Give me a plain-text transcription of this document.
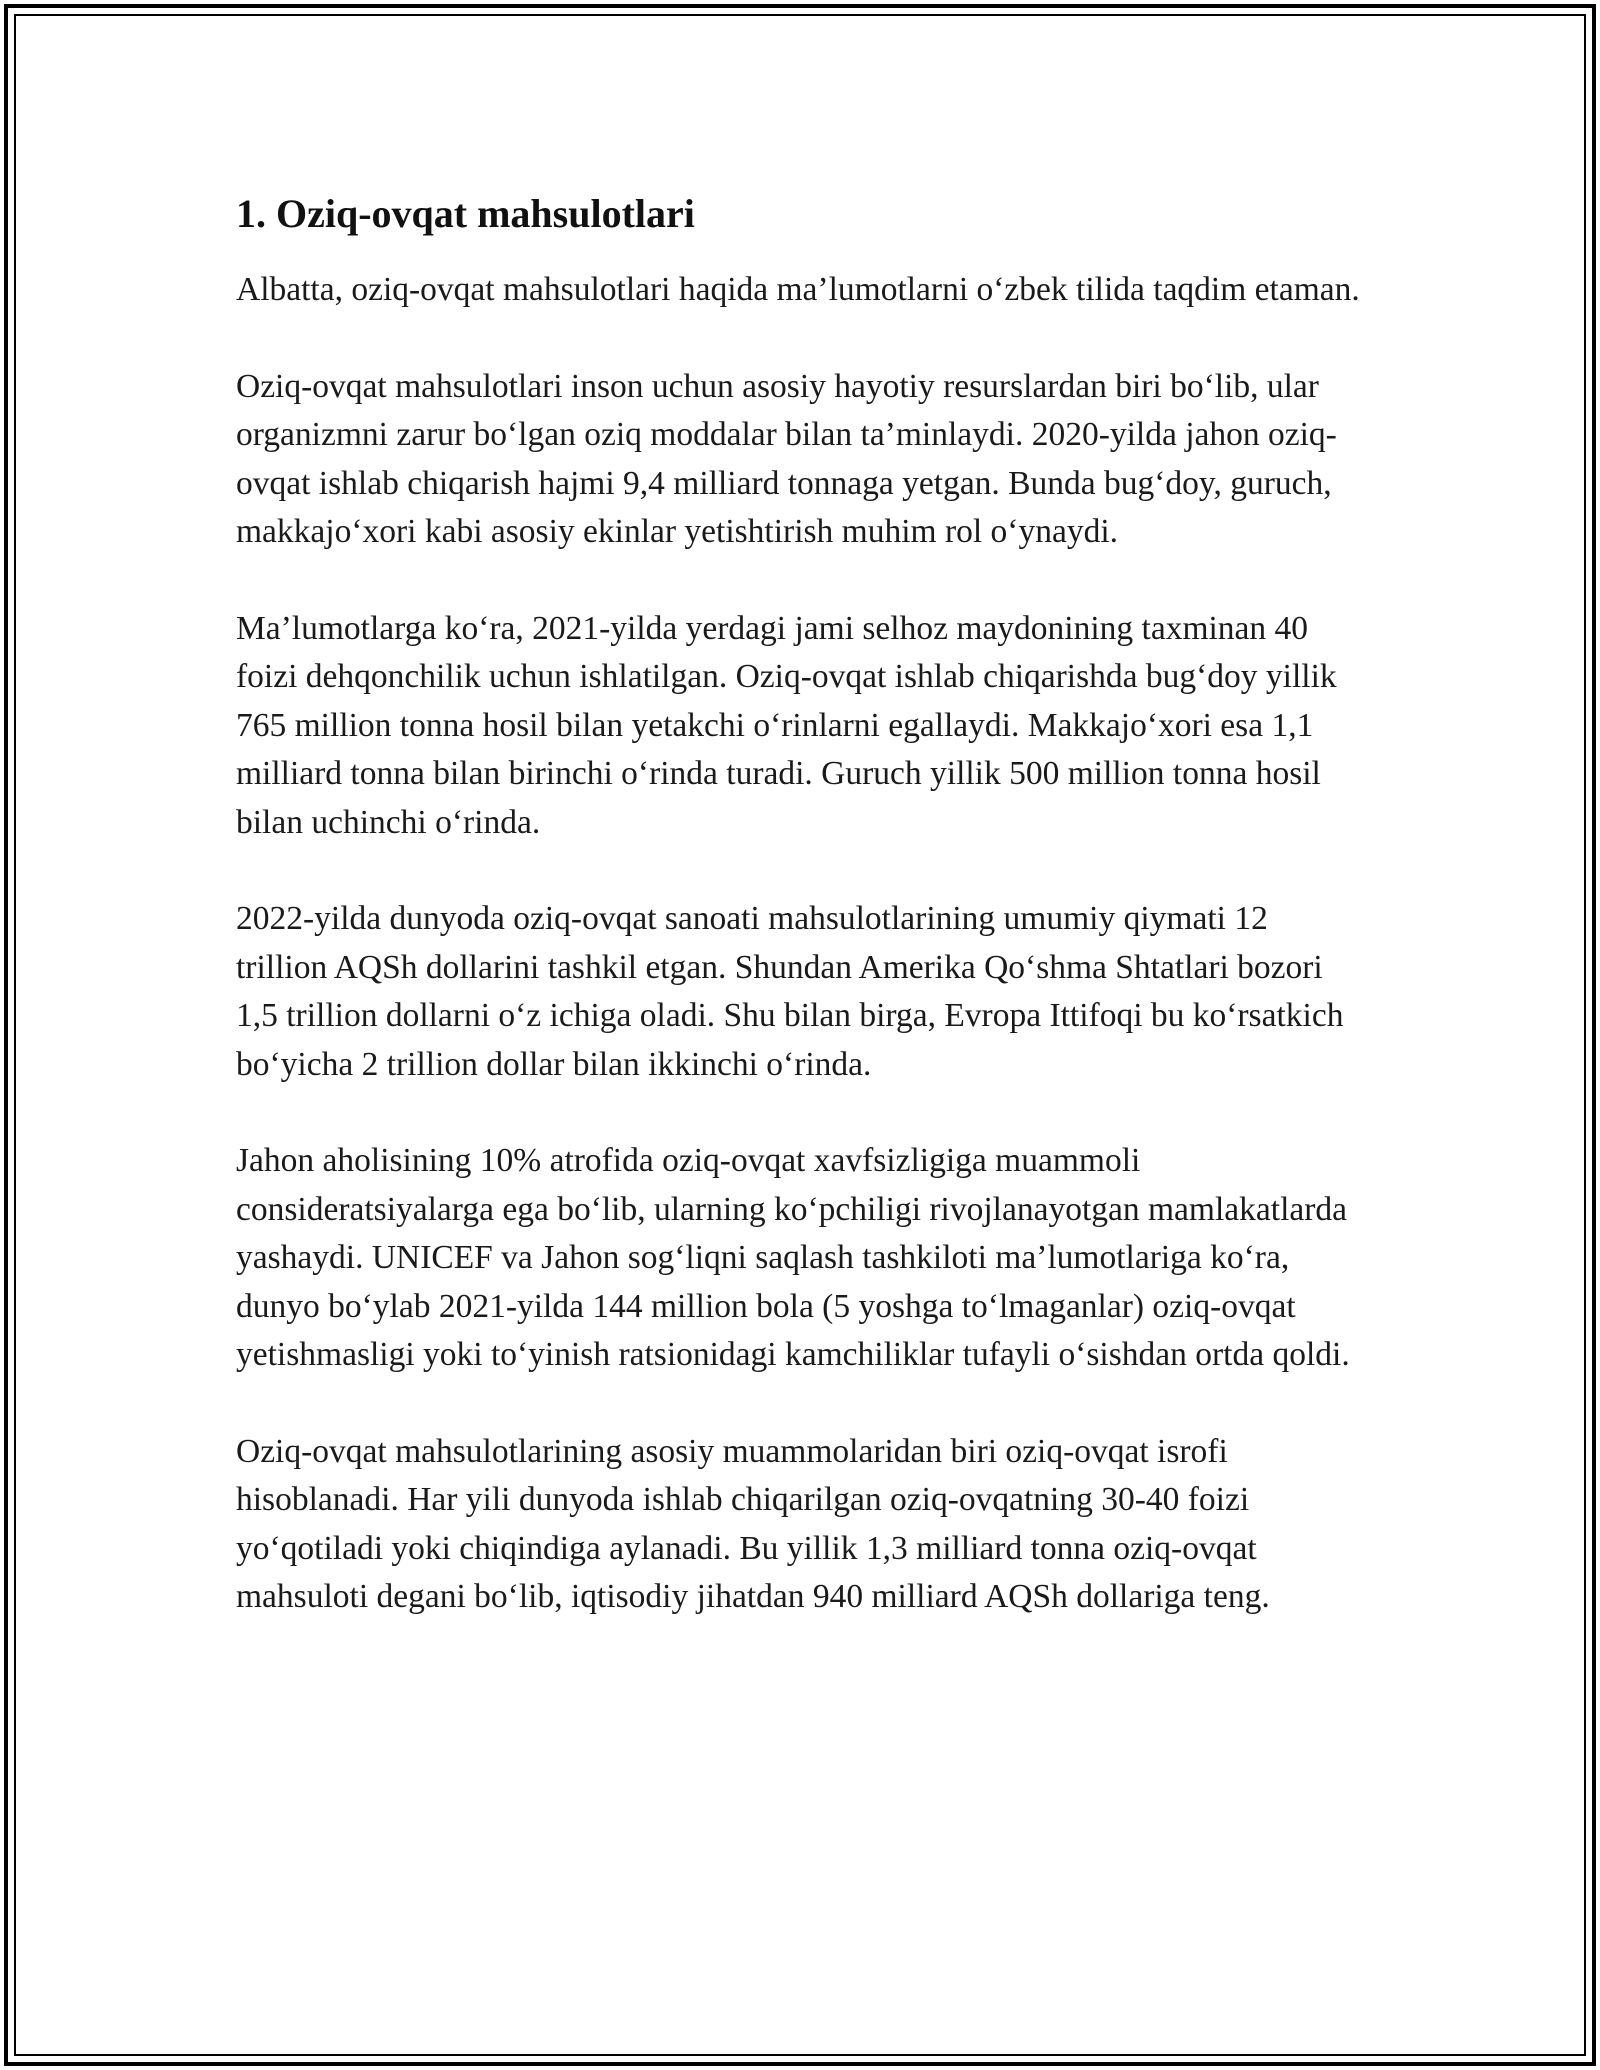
1. Oziq-ovqat mahsulotlari

Albatta, oziq-ovqat mahsulotlari haqida ma’lumotlarni o‘zbek tilida taqdim etaman.

Oziq-ovqat mahsulotlari inson uchun asosiy hayotiy resurslardan biri bo‘lib, ular organizmni zarur bo‘lgan oziq moddalar bilan ta’minlaydi. 2020-yilda jahon oziq-ovqat ishlab chiqarish hajmi 9,4 milliard tonnaga yetgan. Bunda bug‘doy, guruch, makkajo‘xori kabi asosiy ekinlar yetishtirish muhim rol o‘ynaydi.

Ma’lumotlarga ko‘ra, 2021-yilda yerdagi jami selhoz maydonining taxminan 40 foizi dehqonchilik uchun ishlatilgan. Oziq-ovqat ishlab chiqarishda bug‘doy yillik 765 million tonna hosil bilan yetakchi o‘rinlarni egallaydi. Makkajo‘xori esa 1,1 milliard tonna bilan birinchi o‘rinda turadi. Guruch yillik 500 million tonna hosil bilan uchinchi o‘rinda.

2022-yilda dunyoda oziq-ovqat sanoati mahsulotlarining umumiy qiymati 12 trillion AQSh dollarini tashkil etgan. Shundan Amerika Qo‘shma Shtatlari bozori 1,5 trillion dollarni o‘z ichiga oladi. Shu bilan birga, Evropa Ittifoqi bu ko‘rsatkich bo‘yicha 2 trillion dollar bilan ikkinchi o‘rinda.

Jahon aholisining 10% atrofida oziq-ovqat xavfsizligiga muammoli consideratsiyalarga ega bo‘lib, ularning ko‘pchiligi rivojlanayotgan mamlakatlarda yashaydi. UNICEF va Jahon sog‘liqni saqlash tashkiloti ma’lumotlariga ko‘ra, dunyo bo‘ylab 2021-yilda 144 million bola (5 yoshga to‘lmaganlar) oziq-ovqat yetishmasligi yoki to‘yinish ratsionidagi kamchiliklar tufayli o‘sishdan ortda qoldi.

Oziq-ovqat mahsulotlarining asosiy muammolaridan biri oziq-ovqat isrofi hisoblanadi. Har yili dunyoda ishlab chiqarilgan oziq-ovqatning 30-40 foizi yo‘qotiladi yoki chiqindiga aylanadi. Bu yillik 1,3 milliard tonna oziq-ovqat mahsuloti degani bo‘lib, iqtisodiy jihatdan 940 milliard AQSh dollariga teng.
